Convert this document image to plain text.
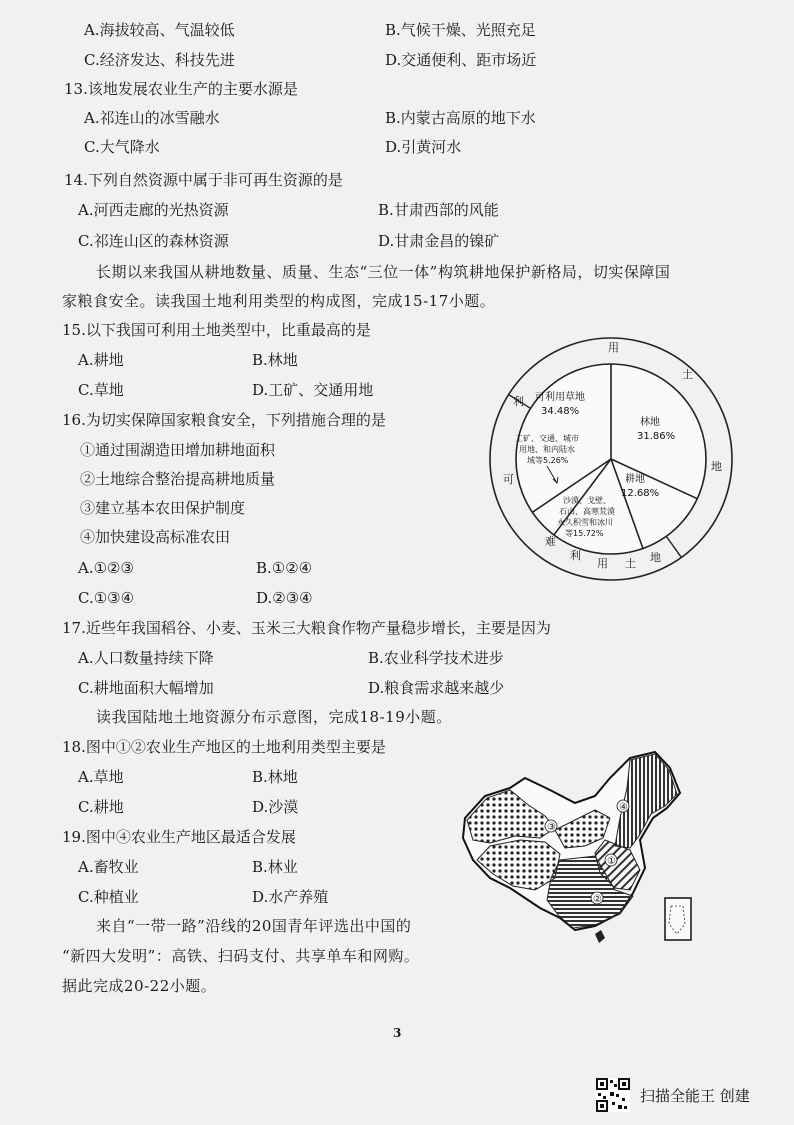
A.海拔较高、气温较低	B.气候干燥、光照充足
C.经济发达、科技先进	D.交通便利、距市场近
13.该地发展农业生产的主要水源是
A.祁连山的冰雪融水	B.内蒙古高原的地下水
C.大气降水	D.引黄河水
14.下列自然资源中属于非可再生资源的是
A.河西走廊的光热资源	B.甘肃西部的风能
C.祁连山区的森林资源	D.甘肃金昌的镍矿
长期以来我国从耕地数量、质量、生态“三位一体”构筑耕地保护新格局，切实保障国
家粮食安全。读我国土地利用类型的构成图，完成15-17小题。
15.以下我国可利用土地类型中，比重最高的是
A.耕地	B.林地
C.草地	D.工矿、交通用地
16.为切实保障国家粮食安全，下列措施合理的是
①通过围湖造田增加耕地面积
②土地综合整治提高耕地质量
③建立基本农田保护制度
④加快建设高标准农田
A.①②③	B.①②④
C.①③④	D.②③④
17.近些年我国稻谷、小麦、玉米三大粮食作物产量稳步增长，主要是因为
A.人口数量持续下降	B.农业科学技术进步
C.耕地面积大幅增加	D.粮食需求越来越少
读我国陆地土地资源分布示意图，完成18-19小题。
18.图中①②农业生产地区的土地利用类型主要是
A.草地	B.林地
C.耕地	D.沙漠
19.图中④农业生产地区最适合发展
A.畜牧业	B.林业
C.种植业	D.水产养殖
来自“一带一路”沿线的20国青年评选出中国的
“新四大发明”：高铁、扫码支付、共享单车和网购。
据此完成20-22小题。
用
土
地
利
可
难
利
用 土 地
林地
31.86%
耕地
12.68%
沙漠、戈壁、
石山、高寒荒漠
永久积雪和冰川
等15.72%
工矿、交通、城市
用地、和内陆水
域等5.26%
可利用草地
34.48%
③
④
①
②
3
扫描全能王 创建
